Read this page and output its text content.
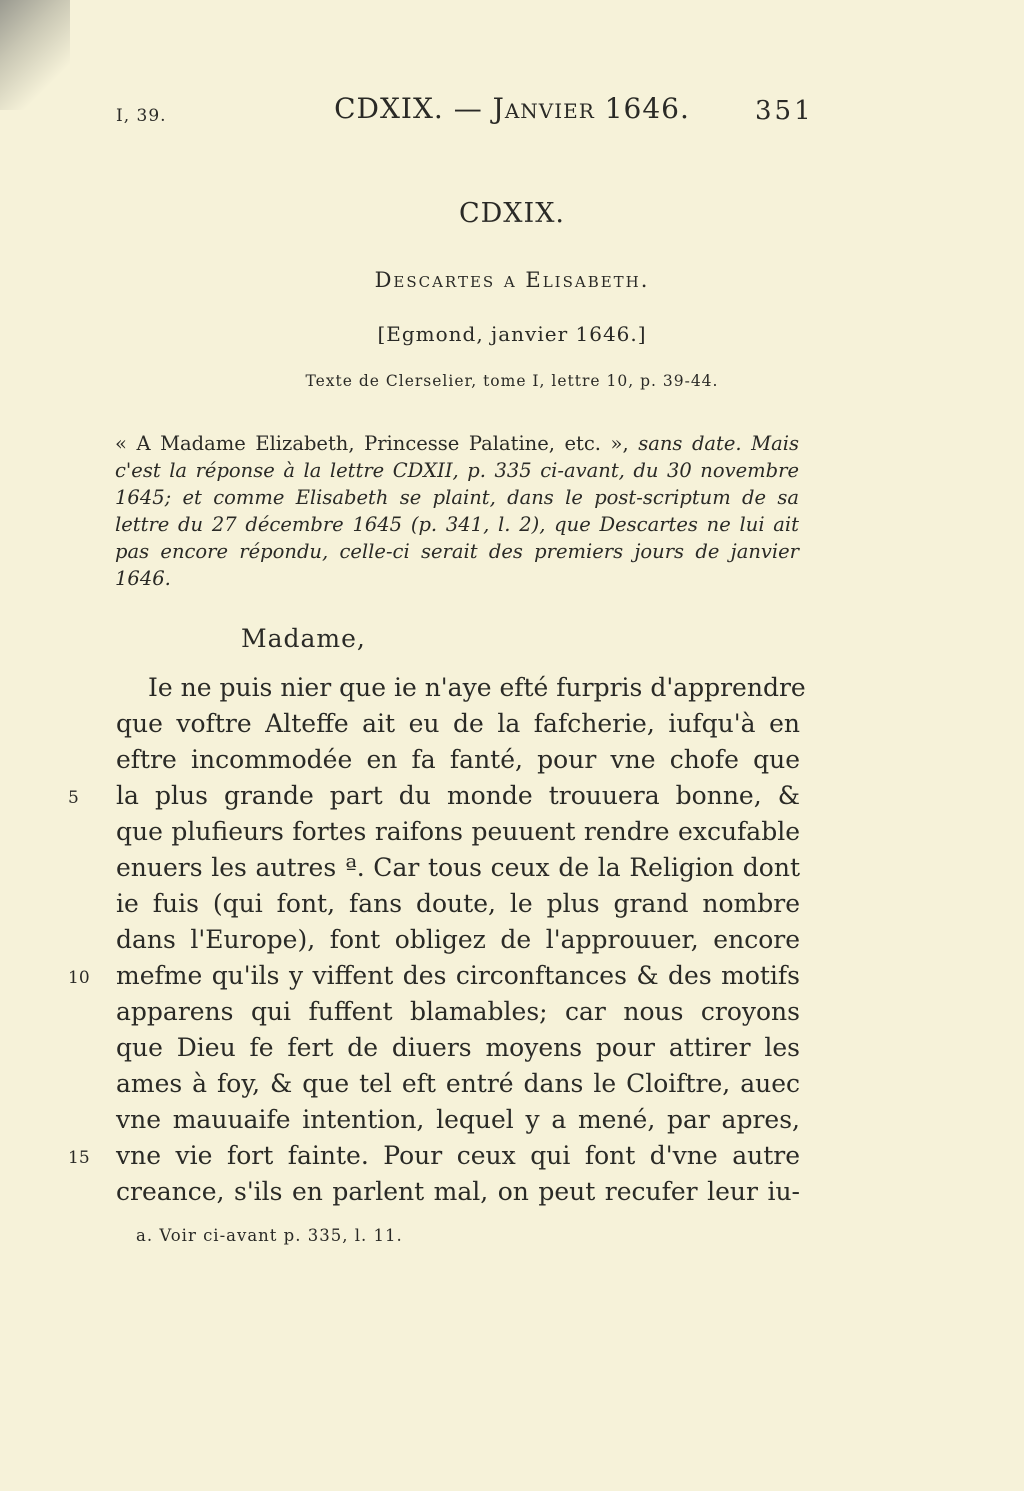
I, 39.	CDXIX. — Janvier 1646.	351
CDXIX.
Descartes a Elisabeth.
[Egmond, janvier 1646.]
Texte de Clerselier, tome I, lettre 10, p. 39-44.
« A Madame Elizabeth, Princesse Palatine, etc. », sans date. Mais c'est la réponse à la lettre CDXII, p. 335 ci-avant, du 30 novembre 1645; et comme Elisabeth se plaint, dans le post-scriptum de sa lettre du 27 décembre 1645 (p. 341, l. 2), que Descartes ne lui ait pas encore répondu, celle-ci serait des premiers jours de janvier 1646.
Madame,
5
10
15
Ie ne puis nier que ie n'aye efté furpris d'apprendre
que voftre Alteffe ait eu de la fafcherie, iufqu'à en
eftre incommodée en fa fanté, pour vne chofe que
la plus grande part du monde trouuera bonne, &
que plufieurs fortes raifons peuuent rendre excufable
enuers les autres ª. Car tous ceux de la Religion dont
ie fuis (qui font, fans doute, le plus grand nombre
dans l'Europe), font obligez de l'approuuer, encore
mefme qu'ils y viffent des circonftances & des motifs
apparens qui fuffent blamables; car nous croyons
que Dieu fe fert de diuers moyens pour attirer les
ames à foy, & que tel eft entré dans le Cloiftre, auec
vne mauuaife intention, lequel y a mené, par apres,
vne vie fort fainte. Pour ceux qui font d'vne autre
creance, s'ils en parlent mal, on peut recufer leur iu-
a. Voir ci-avant p. 335, l. 11.
